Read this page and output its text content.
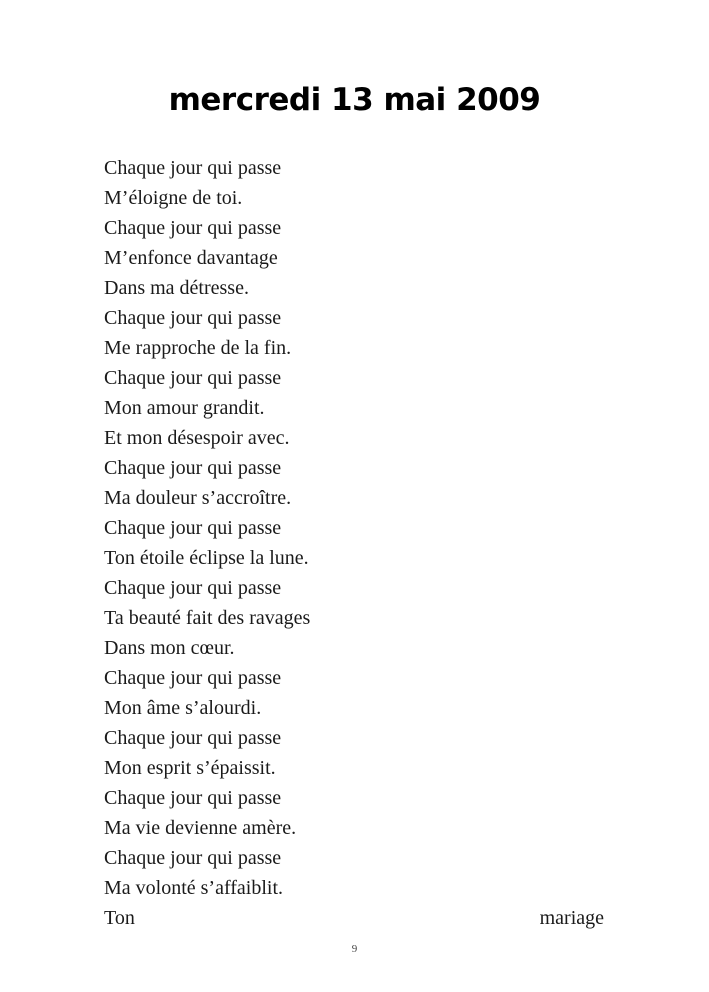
mercredi 13 mai 2009
Chaque jour qui passe
M’éloigne de toi.
Chaque jour qui passe
M’enfonce davantage
Dans ma détresse.
Chaque jour qui passe
Me rapproche de la fin.
Chaque jour qui passe
Mon amour grandit.
Et mon désespoir avec.
Chaque jour qui passe
Ma douleur s’accroître.
Chaque jour qui passe
Ton étoile éclipse la lune.
Chaque jour qui passe
Ta beauté fait des ravages
Dans mon cœur.
Chaque jour qui passe
Mon âme s’alourdi.
Chaque jour qui passe
Mon esprit s’épaissit.
Chaque jour qui passe
Ma vie devienne amère.
Chaque jour qui passe
Ma volonté s’affaiblit.
Ton	mariage
9
